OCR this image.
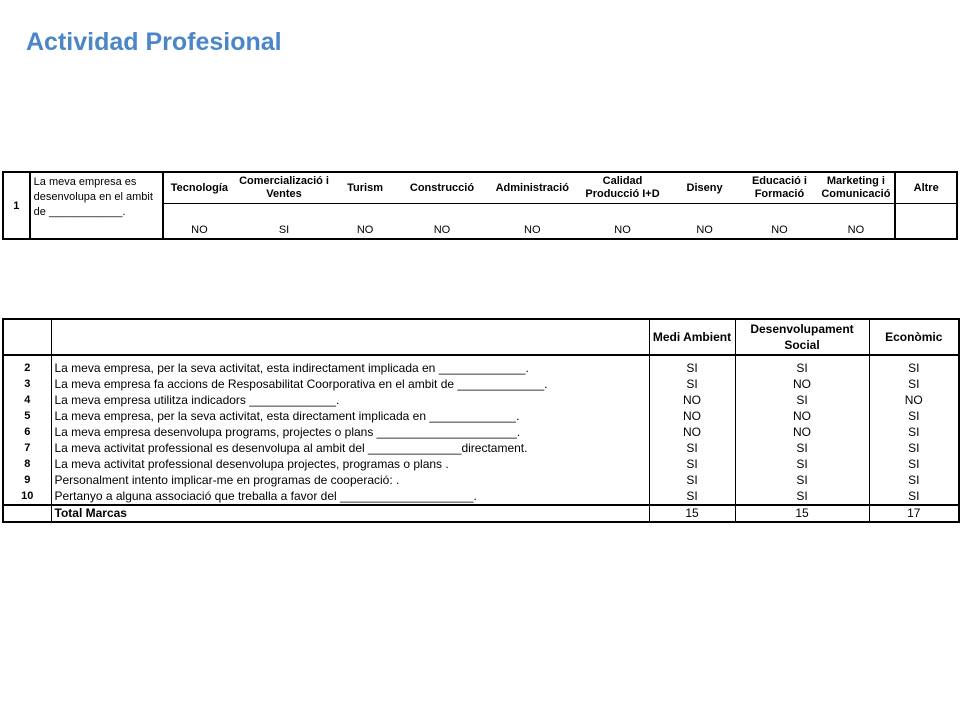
Actividad Profesional
1	La meva empresa es desenvolupa en el ambit de ____________.	Tecnología	Comercializació i Ventes	Turism	Construcció	Administració	Calidad Producció I+D	Diseny	Educació i Formació	Marketing i Comunicació	Altre
		NO	SI	NO	NO	NO	NO	NO	NO	NO	
		Medi Ambient	Desenvolupament Social	Econòmic
2	La meva empresa, per la seva activitat, esta indirectament implicada en _____________.	SI	SI	SI
3	La meva empresa fa accions de Resposabilitat Coorporativa en el ambit de _____________.	SI	NO	SI
4	La meva empresa utilitza indicadors _____________.	NO	SI	NO
5	La meva empresa, per la seva activitat, esta directament implicada en _____________.	NO	NO	SI
6	La meva empresa desenvolupa programs, projectes o plans _____________________.	NO	NO	SI
7	La meva activitat professional es desenvolupa al ambit del ______________directament.	SI	SI	SI
8	La meva activitat professional desenvolupa projectes, programas o plans .	SI	SI	SI
9	Personalment intento implicar-me en programas de cooperació: .	SI	SI	SI
10	Pertanyo a alguna associació que treballa a favor del ____________________.	SI	SI	SI
	Total Marcas	15	15	17
